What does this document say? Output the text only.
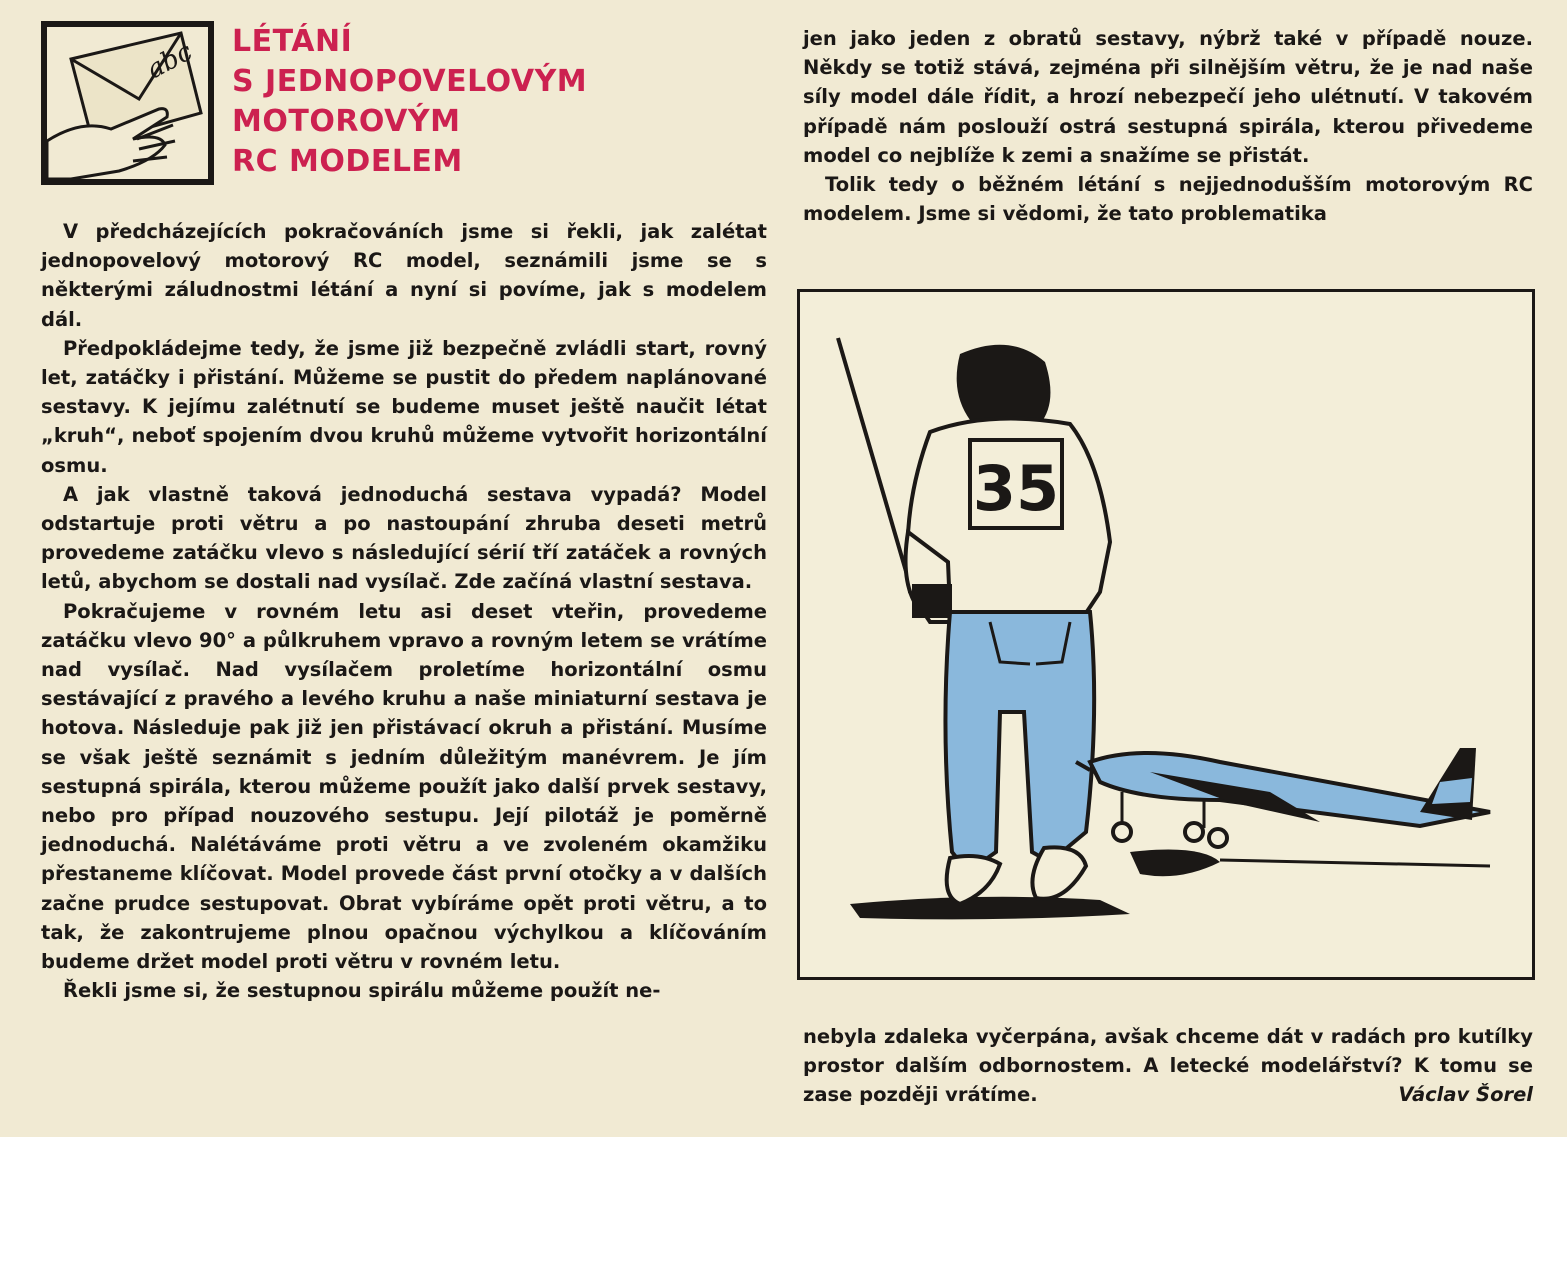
abc LÉTÁNÍ
S JEDNOPOVELOVÝM
MOTOROVÝM
RC MODELEM

V předcházejících pokračováních jsme si řekli, jak zalétat jednopovelový motorový RC model, seznámili jsme se s některými záludnostmi létání a nyní si povíme, jak s modelem dál.

Předpokládejme tedy, že jsme již bezpečně zvládli start, rovný let, zatáčky i přistání. Můžeme se pustit do předem naplánované sestavy. K jejímu zalétnutí se budeme muset ještě naučit létat „kruh“, neboť spojením dvou kruhů můžeme vytvořit horizontální osmu.

A jak vlastně taková jednoduchá sestava vypadá? Model odstartuje proti větru a po nastoupání zhruba deseti metrů provedeme zatáčku vlevo s následující sérií tří zatáček a rovných letů, abychom se dostali nad vysílač. Zde začíná vlastní sestava.

Pokračujeme v rovném letu asi deset vteřin, provedeme zatáčku vlevo 90° a půlkruhem vpravo a rovným letem se vrátíme nad vysílač. Nad vysílačem proletíme horizontální osmu sestávající z pravého a levého kruhu a naše miniaturní sestava je hotova. Následuje pak již jen přistávací okruh a přistání. Musíme se však ještě seznámit s jedním důležitým manévrem. Je jím sestupná spirála, kterou můžeme použít jako další prvek sestavy, nebo pro případ nouzového sestupu. Její pilotáž je poměrně jednoduchá. Nalétáváme proti větru a ve zvoleném okamžiku přestaneme klíčovat. Model provede část první otočky a v dalších začne prudce sestupovat. Obrat vybíráme opět proti větru, a to tak, že zakontrujeme plnou opačnou výchylkou a klíčováním budeme držet model proti větru v rovném letu.

Řekli jsme si, že sestupnou spirálu můžeme použít ne-

jen jako jeden z obratů sestavy, nýbrž také v případě nouze. Někdy se totiž stává, zejména při silnějším větru, že je nad naše síly model dále řídit, a hrozí nebezpečí jeho ulétnutí. V takovém případě nám poslouží ostrá sestupná spirála, kterou přivedeme model co nejblíže k zemi a snažíme se přistát.

Tolik tedy o běžném létání s nejjednodušším motorovým RC modelem. Jsme si vědomi, že tato problematika

35

nebyla zdaleka vyčerpána, avšak chceme dát v radách pro kutílky prostor dalším odbornostem. A letecké modelářství? K tomu se zase později vrátíme.	Václav Šorel
